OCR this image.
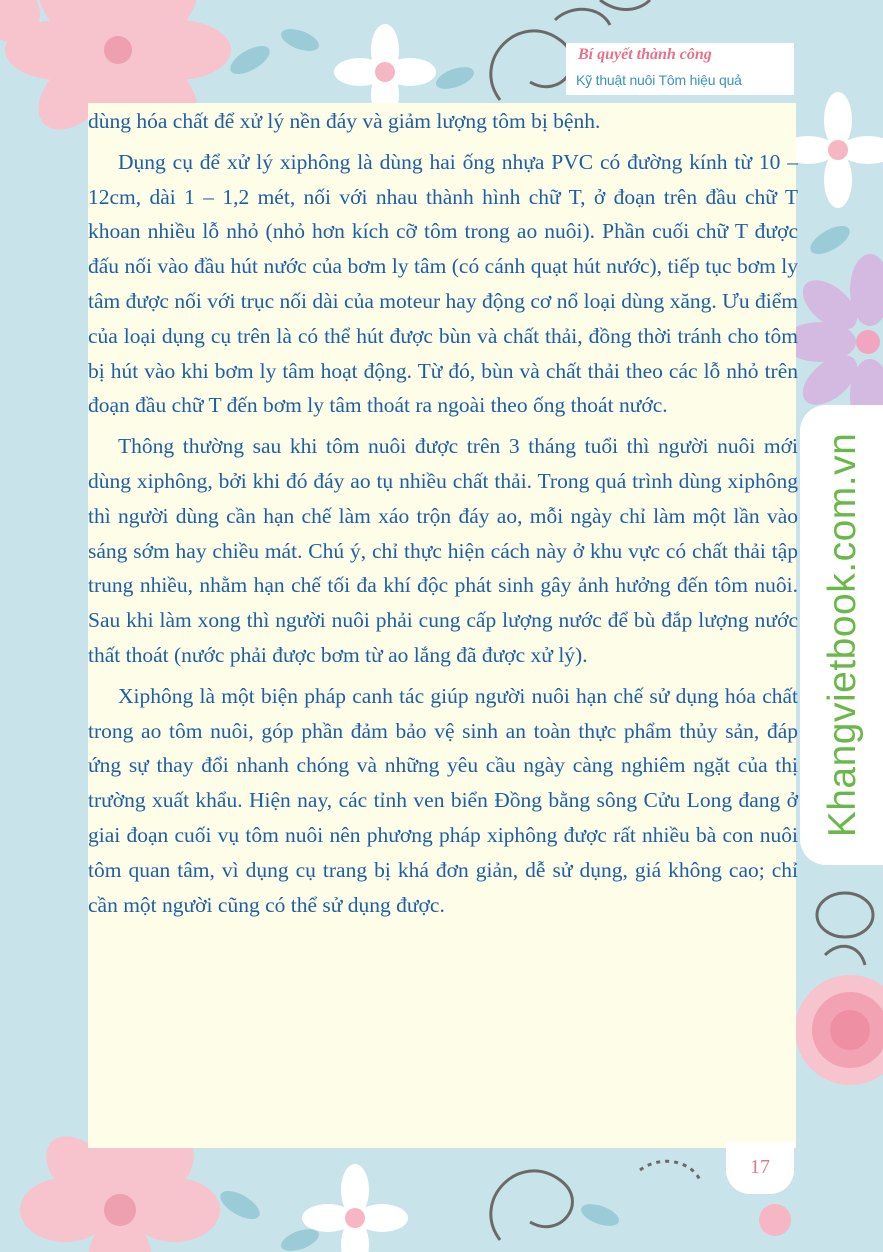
Bí quyết thành công
Kỹ thuật nuôi Tôm hiệu quả

dùng hóa chất để xử lý nền đáy và giảm lượng tôm bị bệnh.

Dụng cụ để xử lý xiphông là dùng hai ống nhựa PVC có đường kính từ 10 – 12cm, dài 1 – 1,2 mét, nối với nhau thành hình chữ T, ở đoạn trên đầu chữ T khoan nhiều lỗ nhỏ (nhỏ hơn kích cỡ tôm trong ao nuôi). Phần cuối chữ T được đấu nối vào đầu hút nước của bơm ly tâm (có cánh quạt hút nước), tiếp tục bơm ly tâm được nối với trục nối dài của moteur hay động cơ nổ loại dùng xăng. Ưu điểm của loại dụng cụ trên là có thể hút được bùn và chất thải, đồng thời tránh cho tôm bị hút vào khi bơm ly tâm hoạt động. Từ đó, bùn và chất thải theo các lỗ nhỏ trên đoạn đầu chữ T đến bơm ly tâm thoát ra ngoài theo ống thoát nước.

Thông thường sau khi tôm nuôi được trên 3 tháng tuổi thì người nuôi mới dùng xiphông, bởi khi đó đáy ao tụ nhiều chất thải. Trong quá trình dùng xiphông thì người dùng cần hạn chế làm xáo trộn đáy ao, mỗi ngày chỉ làm một lần vào sáng sớm hay chiều mát. Chú ý, chỉ thực hiện cách này ở khu vực có chất thải tập trung nhiều, nhằm hạn chế tối đa khí độc phát sinh gây ảnh hưởng đến tôm nuôi. Sau khi làm xong thì người nuôi phải cung cấp lượng nước để bù đắp lượng nước thất thoát (nước phải được bơm từ ao lắng đã được xử lý).

Xiphông là một biện pháp canh tác giúp người nuôi hạn chế sử dụng hóa chất trong ao tôm nuôi, góp phần đảm bảo vệ sinh an toàn thực phẩm thủy sản, đáp ứng sự thay đổi nhanh chóng và những yêu cầu ngày càng nghiêm ngặt của thị trường xuất khẩu. Hiện nay, các tỉnh ven biển Đồng bằng sông Cửu Long đang ở giai đoạn cuối vụ tôm nuôi nên phương pháp xiphông được rất nhiều bà con nuôi tôm quan tâm, vì dụng cụ trang bị khá đơn giản, dễ sử dụng, giá không cao; chỉ cần một người cũng có thể sử dụng được.

Khangvietbook.com.vn
17
